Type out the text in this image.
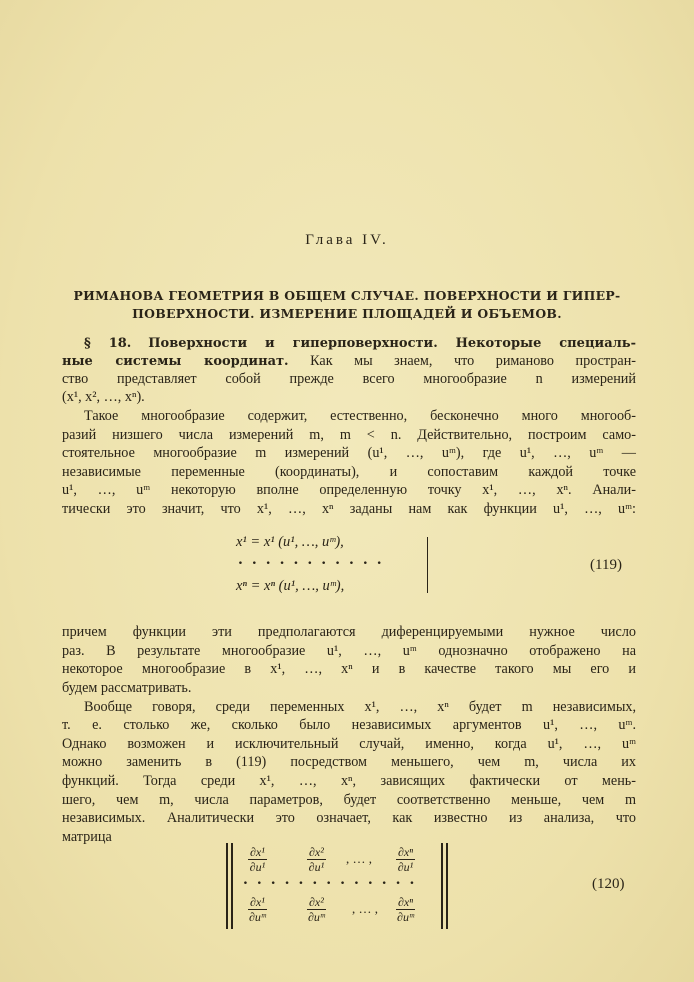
Глава IV.
РИМАНОВА ГЕОМЕТРИЯ В ОБЩЕМ СЛУЧАЕ. ПОВЕРХНОСТИ И ГИПЕР-
ПОВЕРХНОСТИ. ИЗМЕРЕНИЕ ПЛОЩАДЕЙ И ОБЪЕМОВ.
§ 18. Поверхности и гиперповерхности. Некоторые специаль-
ные системы координат. Как мы знаем, что риманово простран-
ство представляет собой прежде всего многообразие n измерений
(x¹, x², …, xⁿ).
Такое многообразие содержит, естественно, бесконечно много многооб-
разий низшего числа измерений m, m < n. Действительно, построим само-
стоятельное многообразие m измерений (u¹, …, uᵐ), где u¹, …, uᵐ —
независимые переменные (координаты), и сопоставим каждой точке
u¹, …, uᵐ некоторую вполне определенную точку x¹, …, xⁿ. Анали-
тически это значит, что x¹, …, xⁿ заданы нам как функции u¹, …, uᵐ:
x¹ = x¹ (u¹, …, uᵐ),
...........
xⁿ = xⁿ (u¹, …, uᵐ),
(119)
причем функции эти предполагаются диференцируемыми нужное число
раз. В результате многообразие u¹, …, uᵐ однозначно отображено на
некоторое многообразие в x¹, …, xⁿ и в качестве такого мы его и
будем рассматривать.
Вообще говоря, среди переменных x¹, …, xⁿ будет m независимых,
т. е. столько же, сколько было независимых аргументов u¹, …, uᵐ.
Однако возможен и исключительный случай, именно, когда u¹, …, uᵐ
можно заменить в (119) посредством меньшего, чем m, числа их
функций. Тогда среди x¹, …, xⁿ, зависящих фактически от мень-
шего, чем m, числа параметров, будет соответственно меньше, чем m
независимых. Аналитически это означает, как известно из анализа, что
матрица
$\frac{\text{∂x¹}}{\text{∂u¹}}$	$\frac{\text{∂x²}}{\text{∂u¹}}$ , … , $\frac{\text{∂xⁿ}}{\text{∂u¹}}$
.............
$\frac{\text{∂x¹}}{\text{∂uᵐ}}$	$\frac{\text{∂x²}}{\text{∂uᵐ}}$ , … , $\frac{\text{∂xⁿ}}{\text{∂uᵐ}}$
(120)
